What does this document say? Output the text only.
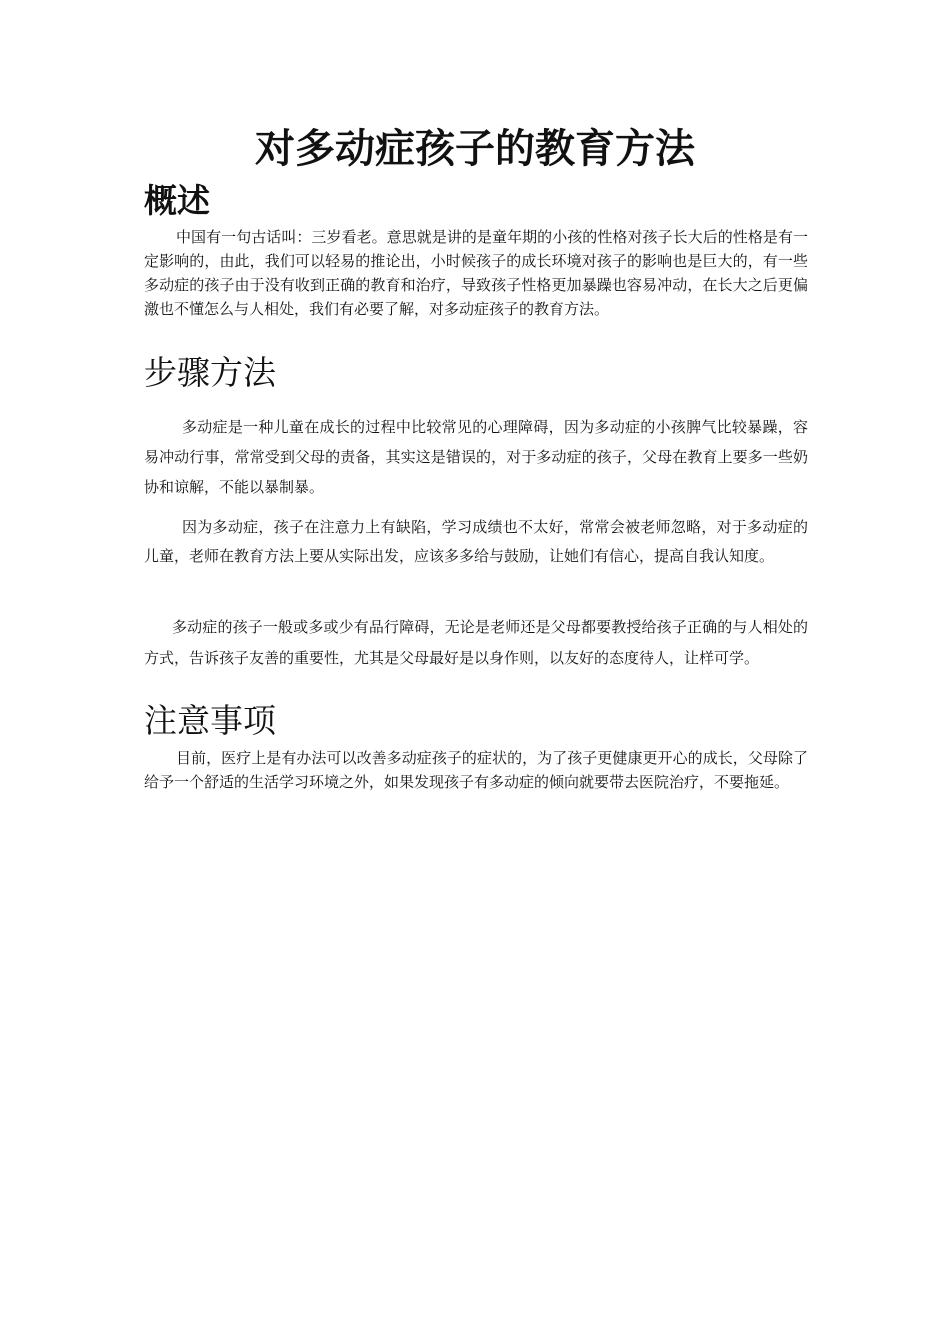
对多动症孩子的教育方法
概述

中国有一句古话叫：三岁看老。意思就是讲的是童年期的小孩的性格对孩子长大后的性格是有一定影响的，由此，我们可以轻易的推论出，小时候孩子的成长环境对孩子的影响也是巨大的，有一些多动症的孩子由于没有收到正确的教育和治疗，导致孩子性格更加暴躁也容易冲动，在长大之后更偏激也不懂怎么与人相处，我们有必要了解，对多动症孩子的教育方法。

步骤方法

多动症是一种儿童在成长的过程中比较常见的心理障碍，因为多动症的小孩脾气比较暴躁，容易冲动行事，常常受到父母的责备，其实这是错误的，对于多动症的孩子，父母在教育上要多一些奶协和谅解，不能以暴制暴。

因为多动症，孩子在注意力上有缺陷，学习成绩也不太好，常常会被老师忽略，对于多动症的儿童，老师在教育方法上要从实际出发，应该多多给与鼓励，让她们有信心，提高自我认知度。

多动症的孩子一般或多或少有品行障碍，无论是老师还是父母都要教授给孩子正确的与人相处的方式，告诉孩子友善的重要性，尤其是父母最好是以身作则，以友好的态度待人，让样可学。

注意事项

目前，医疗上是有办法可以改善多动症孩子的症状的，为了孩子更健康更开心的成长，父母除了给予一个舒适的生活学习环境之外，如果发现孩子有多动症的倾向就要带去医院治疗，不要拖延。
